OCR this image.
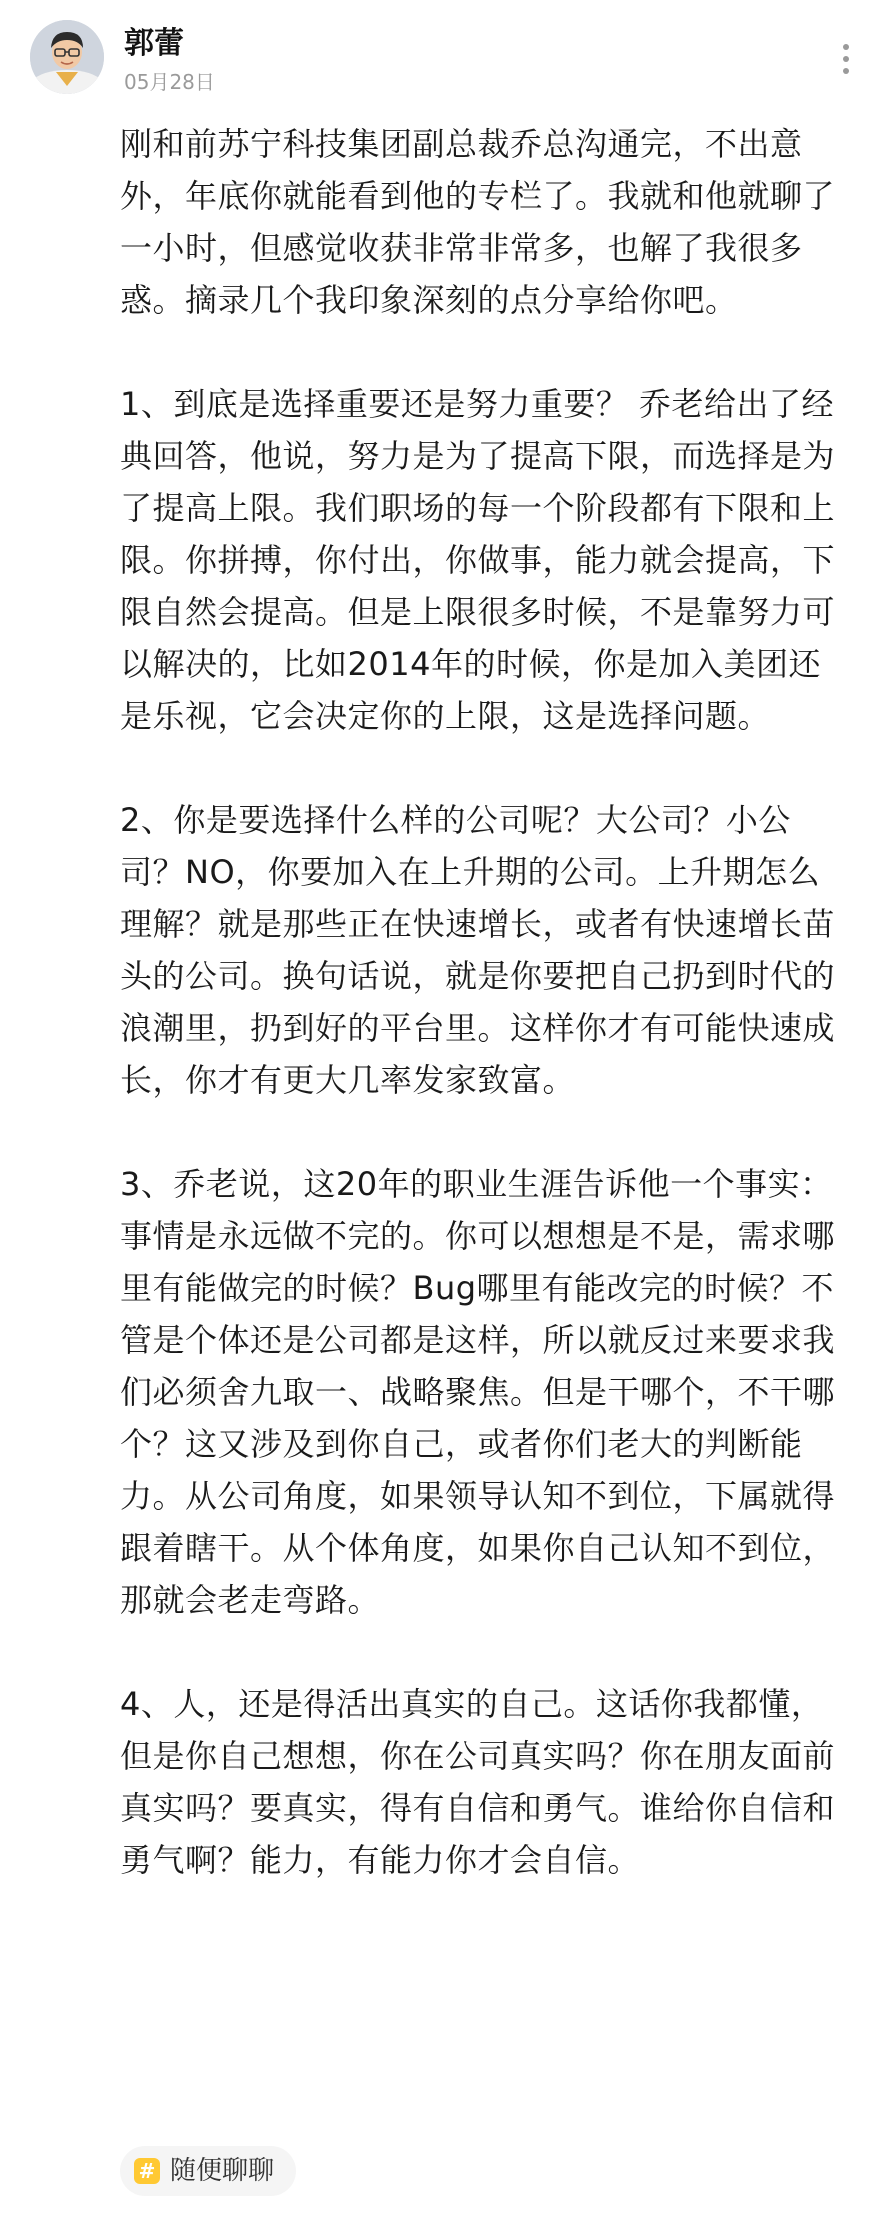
郭蕾
05月28日

刚和前苏宁科技集团副总裁乔总沟通完，不出意外，年底你就能看到他的专栏了。我就和他就聊了一小时，但感觉收获非常非常多，也解了我很多惑。摘录几个我印象深刻的点分享给你吧。

1、到底是选择重要还是努力重要？ 乔老给出了经典回答，他说，努力是为了提高下限，而选择是为了提高上限。我们职场的每一个阶段都有下限和上限。你拼搏，你付出，你做事，能力就会提高，下限自然会提高。但是上限很多时候，不是靠努力可以解决的，比如2014年的时候，你是加入美团还是乐视，它会决定你的上限，这是选择问题。

2、你是要选择什么样的公司呢？大公司？小公司？NO，你要加入在上升期的公司。上升期怎么理解？就是那些正在快速增长，或者有快速增长苗头的公司。换句话说，就是你要把自己扔到时代的浪潮里，扔到好的平台里。这样你才有可能快速成长，你才有更大几率发家致富。

3、乔老说，这20年的职业生涯告诉他一个事实：事情是永远做不完的。你可以想想是不是，需求哪里有能做完的时候？Bug哪里有能改完的时候？不管是个体还是公司都是这样，所以就反过来要求我们必须舍九取一、战略聚焦。但是干哪个，不干哪个？这又涉及到你自己，或者你们老大的判断能力。从公司角度，如果领导认知不到位，下属就得跟着瞎干。从个体角度，如果你自己认知不到位，那就会老走弯路。

4、人，还是得活出真实的自己。这话你我都懂，但是你自己想想，你在公司真实吗？你在朋友面前真实吗？要真实，得有自信和勇气。谁给你自信和勇气啊？能力，有能力你才会自信。

# 随便聊聊
